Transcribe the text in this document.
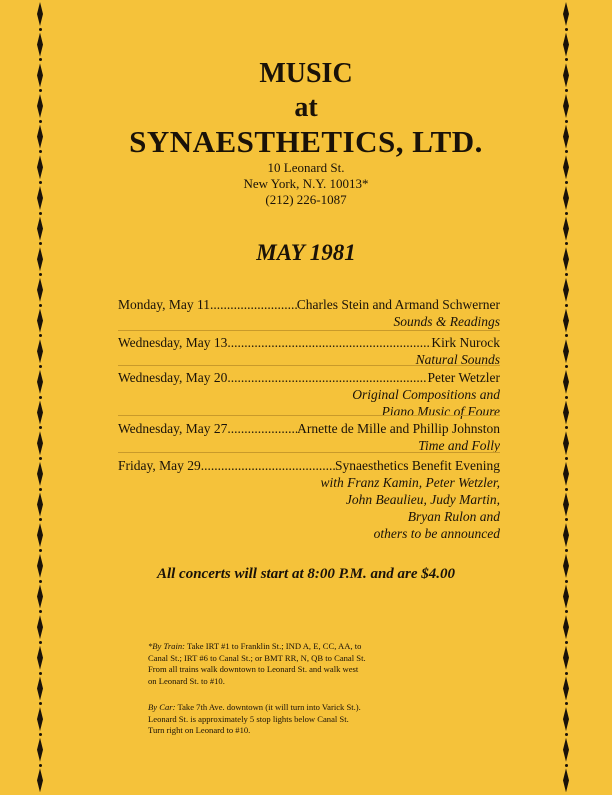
MUSIC
at
SYNAESTHETICS, LTD.
10 Leonard St.
New York, N.Y. 10013*
(212) 226-1087
MAY 1981
Monday, May 11 .....	Charles Stein and Armand Schwerner
Sounds & Readings
Wednesday, May 13 .....	Kirk Nurock
Natural Sounds
Wednesday, May 20 .....	Peter Wetzler
Original Compositions and
Piano Music of Foure
Wednesday, May 27 .....	Arnette de Mille and Phillip Johnston
Time and Folly
Friday, May 29 .....	Synaesthetics Benefit Evening
with Franz Kamin, Peter Wetzler,
John Beaulieu, Judy Martin,
Bryan Rulon and
others to be announced
All concerts will start at 8:00 P.M. and are $4.00
*By Train: Take IRT #1 to Franklin St.; IND A, E, CC, AA, to Canal St.; IRT #6 to Canal St.; or BMT RR, N, QB to Canal St. From all trains walk downtown to Leonard St. and walk west on Leonard St. to #10.
By Car: Take 7th Ave. downtown (it will turn into Varick St.). Leonard St. is approximately 5 stop lights below Canal St. Turn right on Leonard to #10.
